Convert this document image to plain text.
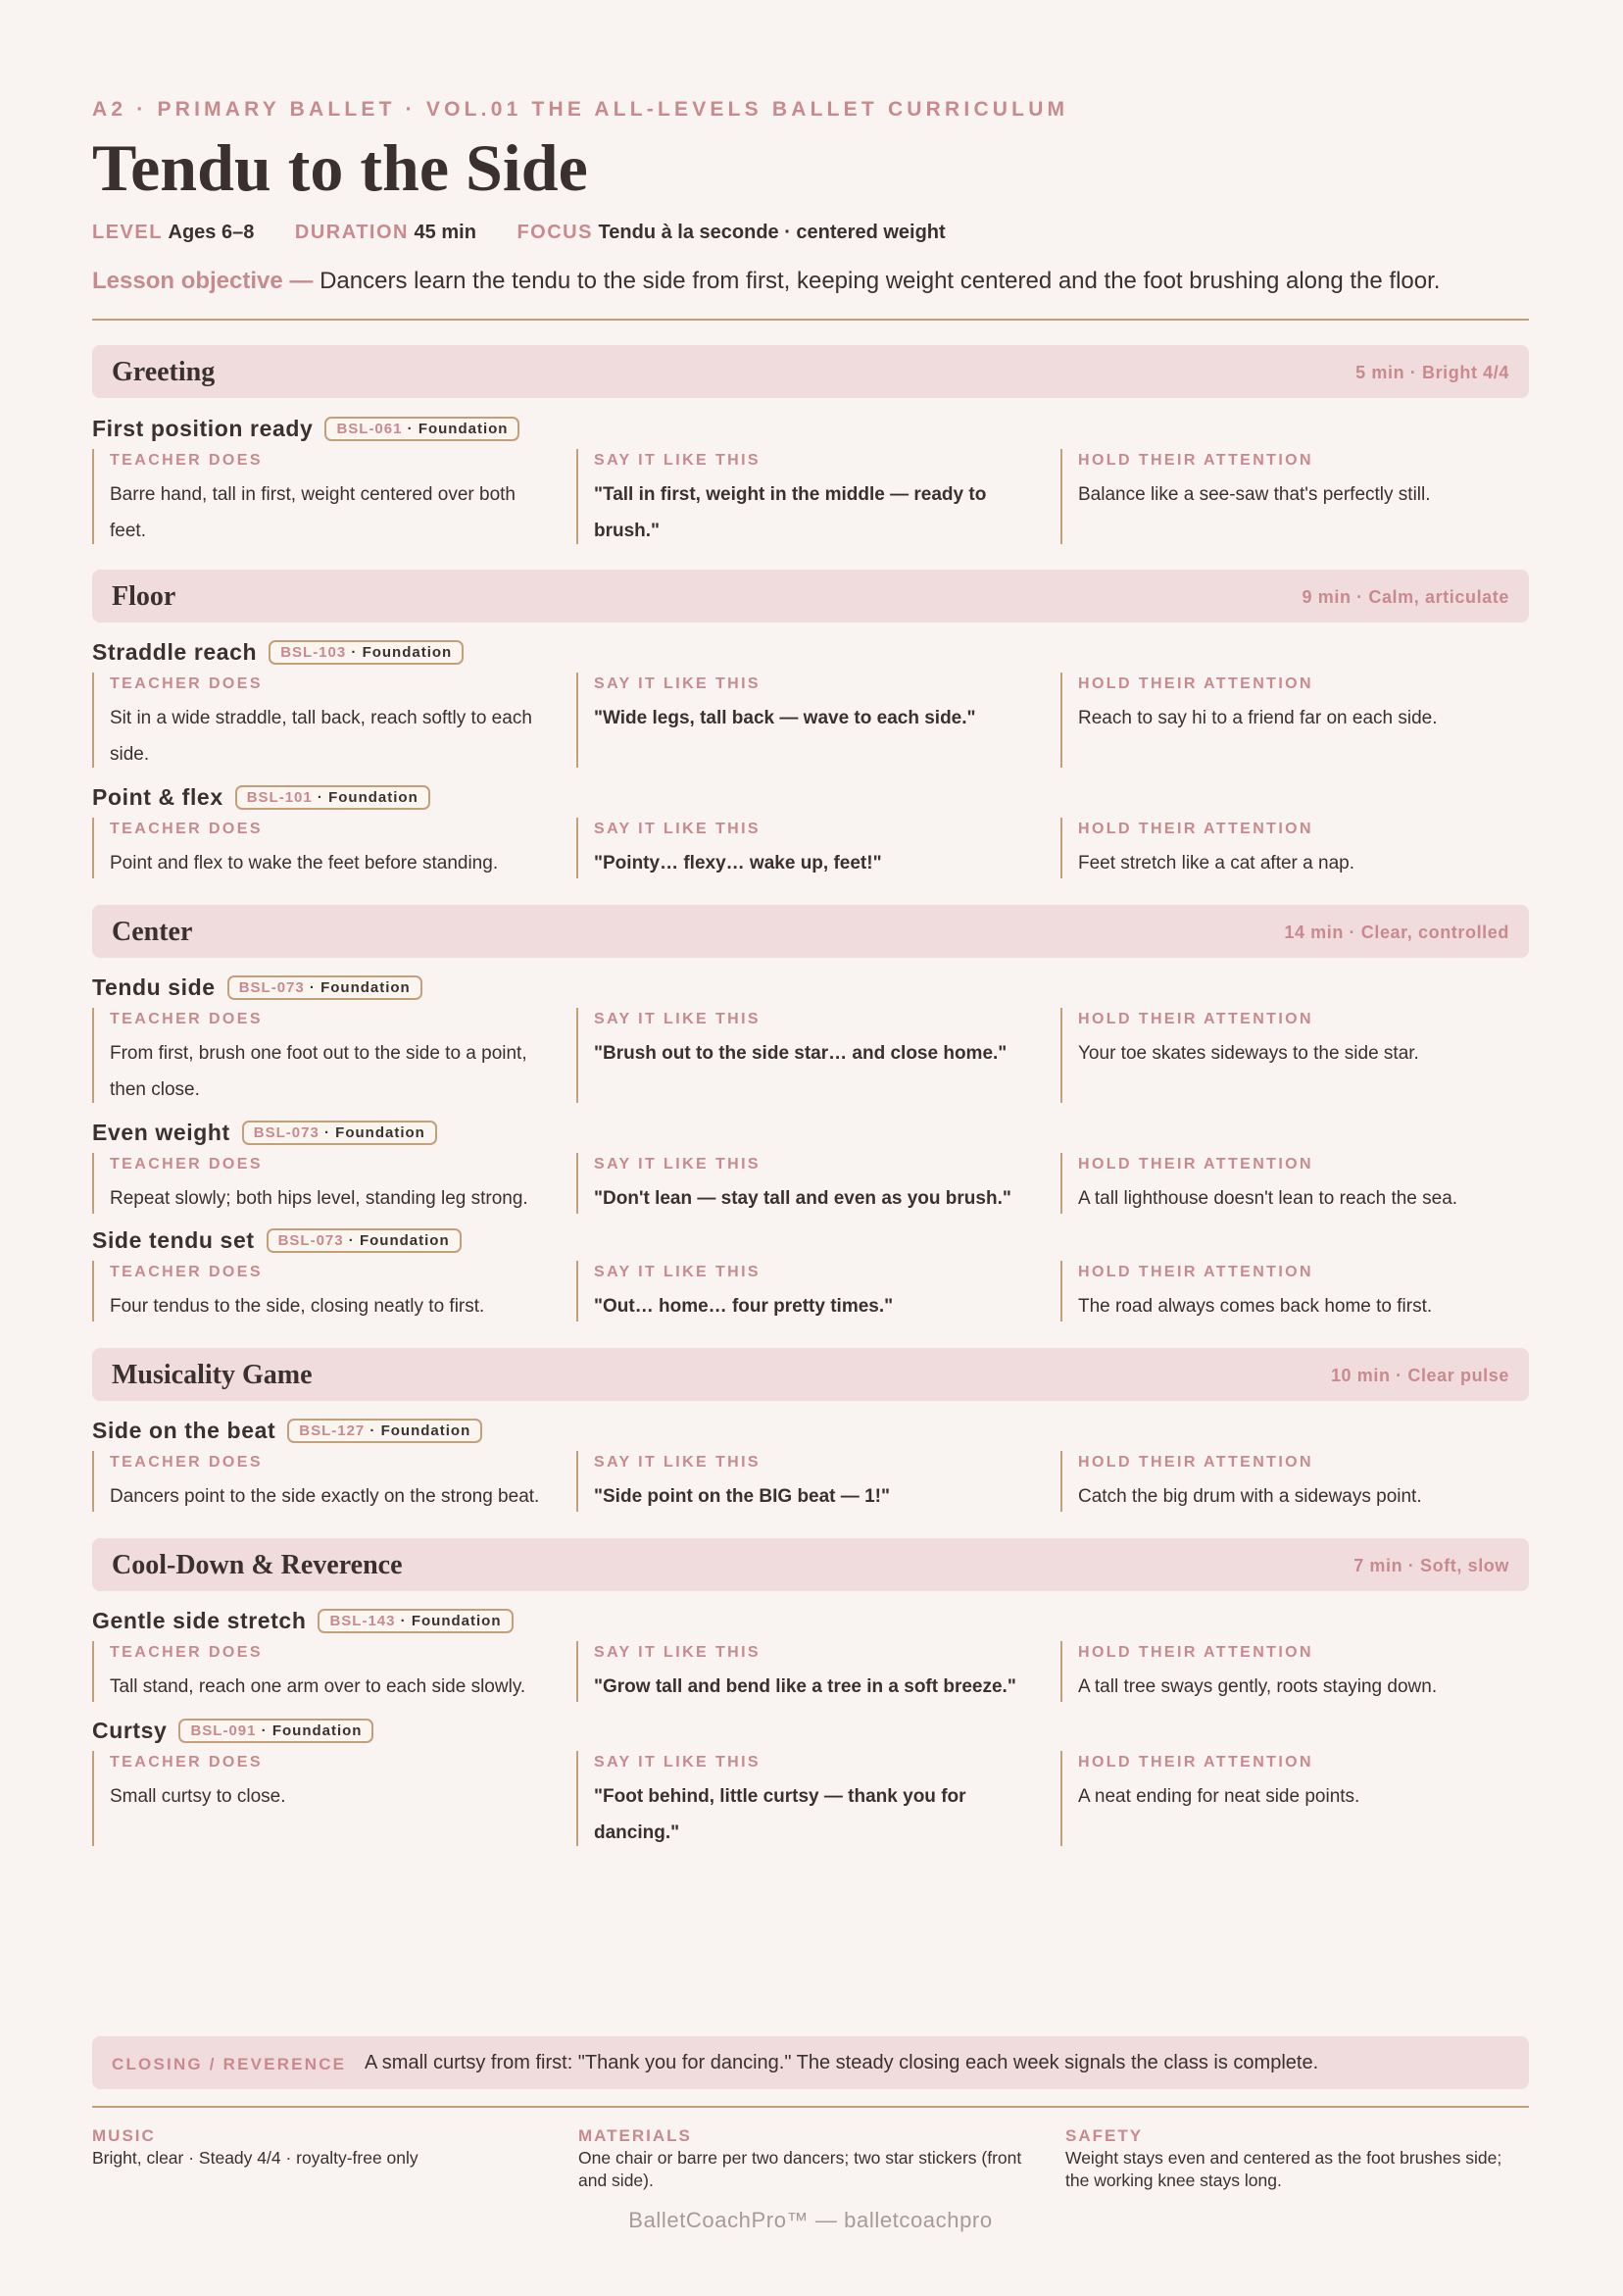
A2 · PRIMARY BALLET · VOL.01 THE ALL-LEVELS BALLET CURRICULUM
Tendu to the Side
LEVEL Ages 6–8 DURATION 45 min FOCUS Tendu à la seconde · centered weight
Lesson objective — Dancers learn the tendu to the side from first, keeping weight centered and the foot brushing along the floor.
Greeting	5 min · Bright 4/4
First position ready BSL-061 · Foundation
TEACHER DOES
Barre hand, tall in first, weight centered over both feet.
SAY IT LIKE THIS
"Tall in first, weight in the middle — ready to brush."
HOLD THEIR ATTENTION
Balance like a see-saw that's perfectly still.
Floor	9 min · Calm, articulate
Straddle reach BSL-103 · Foundation
TEACHER DOES
Sit in a wide straddle, tall back, reach softly to each side.
SAY IT LIKE THIS
"Wide legs, tall back — wave to each side."
HOLD THEIR ATTENTION
Reach to say hi to a friend far on each side.
Point & flex BSL-101 · Foundation
TEACHER DOES
Point and flex to wake the feet before standing.
SAY IT LIKE THIS
"Pointy… flexy… wake up, feet!"
HOLD THEIR ATTENTION
Feet stretch like a cat after a nap.
Center	14 min · Clear, controlled
Tendu side BSL-073 · Foundation
TEACHER DOES
From first, brush one foot out to the side to a point, then close.
SAY IT LIKE THIS
"Brush out to the side star… and close home."
HOLD THEIR ATTENTION
Your toe skates sideways to the side star.
Even weight BSL-073 · Foundation
TEACHER DOES
Repeat slowly; both hips level, standing leg strong.
SAY IT LIKE THIS
"Don't lean — stay tall and even as you brush."
HOLD THEIR ATTENTION
A tall lighthouse doesn't lean to reach the sea.
Side tendu set BSL-073 · Foundation
TEACHER DOES
Four tendus to the side, closing neatly to first.
SAY IT LIKE THIS
"Out… home… four pretty times."
HOLD THEIR ATTENTION
The road always comes back home to first.
Musicality Game	10 min · Clear pulse
Side on the beat BSL-127 · Foundation
TEACHER DOES
Dancers point to the side exactly on the strong beat.
SAY IT LIKE THIS
"Side point on the BIG beat — 1!"
HOLD THEIR ATTENTION
Catch the big drum with a sideways point.
Cool-Down & Reverence	7 min · Soft, slow
Gentle side stretch BSL-143 · Foundation
TEACHER DOES
Tall stand, reach one arm over to each side slowly.
SAY IT LIKE THIS
"Grow tall and bend like a tree in a soft breeze."
HOLD THEIR ATTENTION
A tall tree sways gently, roots staying down.
Curtsy BSL-091 · Foundation
TEACHER DOES
Small curtsy to close.
SAY IT LIKE THIS
"Foot behind, little curtsy — thank you for dancing."
HOLD THEIR ATTENTION
A neat ending for neat side points.
CLOSING / REVERENCE A small curtsy from first: "Thank you for dancing." The steady closing each week signals the class is complete.
MUSIC
Bright, clear · Steady 4/4 · royalty-free only
MATERIALS
One chair or barre per two dancers; two star stickers (front and side).
SAFETY
Weight stays even and centered as the foot brushes side; the working knee stays long.
BalletCoachPro™ — balletcoachpro
